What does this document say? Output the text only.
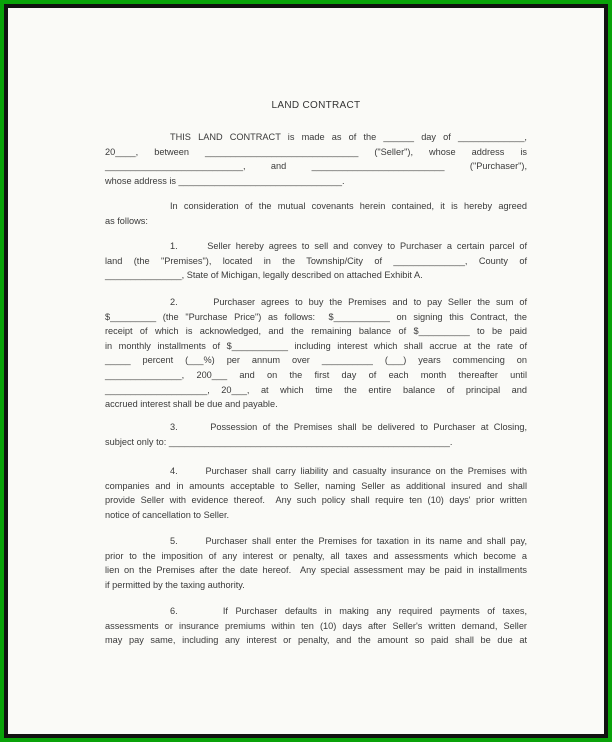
LAND CONTRACT
THIS LAND CONTRACT is made as of the ______ day of _____________,
20____, between ______________________________ ("Seller"), whose address is
___________________________, and __________________________ ("Purchaser"),
whose address is ________________________________.
In consideration of the mutual covenants herein contained, it is hereby agreed
as follows:
1.      Seller hereby agrees to sell and convey to Purchaser a certain parcel of
land (the "Premises"), located in the Township/City of ______________, County of
_______________, State of Michigan, legally described on attached Exhibit A.
2.      Purchaser agrees to buy the Premises and to pay Seller the sum of
$_________ (the "Purchase Price") as follows:  $___________ on signing this Contract, the
receipt of which is acknowledged, and the remaining balance of $__________ to be paid
in monthly installments of $___________ including interest which shall accrue at the rate of
_____ percent (___%) per annum over __________ (___) years commencing on
_______________, 200___ and on the first day of each month thereafter until
____________________, 20___, at which time the entire balance of principal and
accrued interest shall be due and payable.
3.      Possession of the Premises shall be delivered to Purchaser at Closing,
subject only to: _______________________________________________________.
4.      Purchaser shall carry liability and casualty insurance on the Premises with
companies and in amounts acceptable to Seller, naming Seller as additional insured and shall
provide Seller with evidence thereof.  Any such policy shall require ten (10) days' prior written
notice of cancellation to Seller.
5.      Purchaser shall enter the Premises for taxation in its name and shall pay,
prior to the imposition of any interest or penalty, all taxes and assessments which become a
lien on the Premises after the date hereof.  Any special assessment may be paid in installments
if permitted by the taxing authority.
6.      If Purchaser defaults in making any required payments of taxes,
assessments or insurance premiums within ten (10) days after Seller's written demand, Seller
may pay same, including any interest or penalty, and the amount so paid shall be due at
